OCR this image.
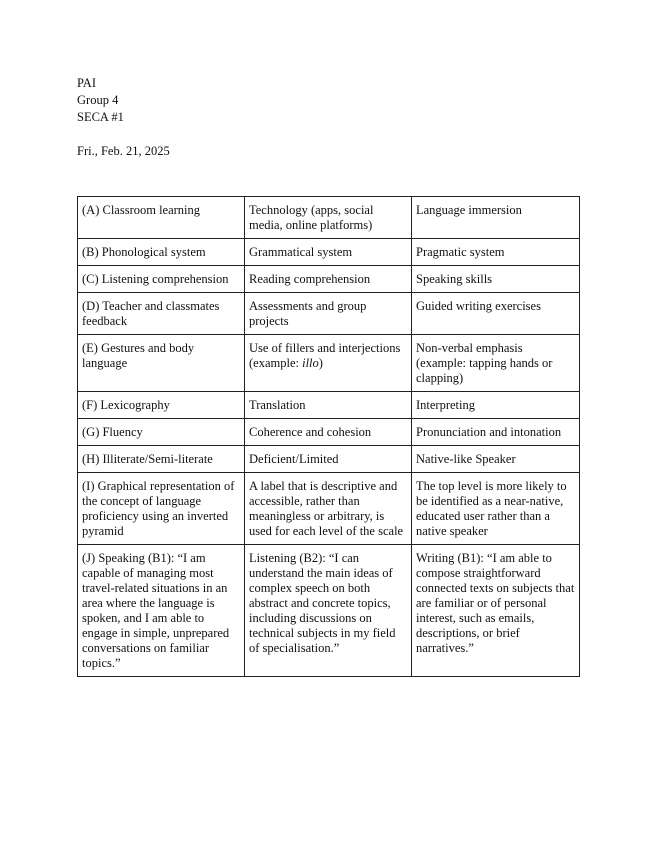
PAI
Group 4
SECA #1
Fri., Feb. 21, 2025
(A) Classroom learning	Technology (apps, social media, online platforms)	Language immersion
(B) Phonological system	Grammatical system	Pragmatic system
(C) Listening comprehension	Reading comprehension	Speaking skills
(D) Teacher and classmates feedback	Assessments and group projects	Guided writing exercises
(E) Gestures and body language	Use of fillers and interjections (example: illo)	Non-verbal emphasis (example: tapping hands or clapping)
(F) Lexicography	Translation	Interpreting
(G) Fluency	Coherence and cohesion	Pronunciation and intonation
(H) Illiterate/Semi-literate	Deficient/Limited	Native-like Speaker
(I) Graphical representation of the concept of language proficiency using an inverted pyramid	A label that is descriptive and accessible, rather than meaningless or arbitrary, is used for each level of the scale	The top level is more likely to be identified as a near-native, educated user rather than a native speaker
(J) Speaking (B1): “I am capable of managing most travel-related situations in an area where the language is spoken, and I am able to engage in simple, unprepared conversations on familiar topics.”	Listening (B2): “I can understand the main ideas of complex speech on both abstract and concrete topics, including discussions on technical subjects in my field of specialisation.”	Writing (B1): “I am able to compose straightforward connected texts on subjects that are familiar or of personal interest, such as emails, descriptions, or brief narratives.”
